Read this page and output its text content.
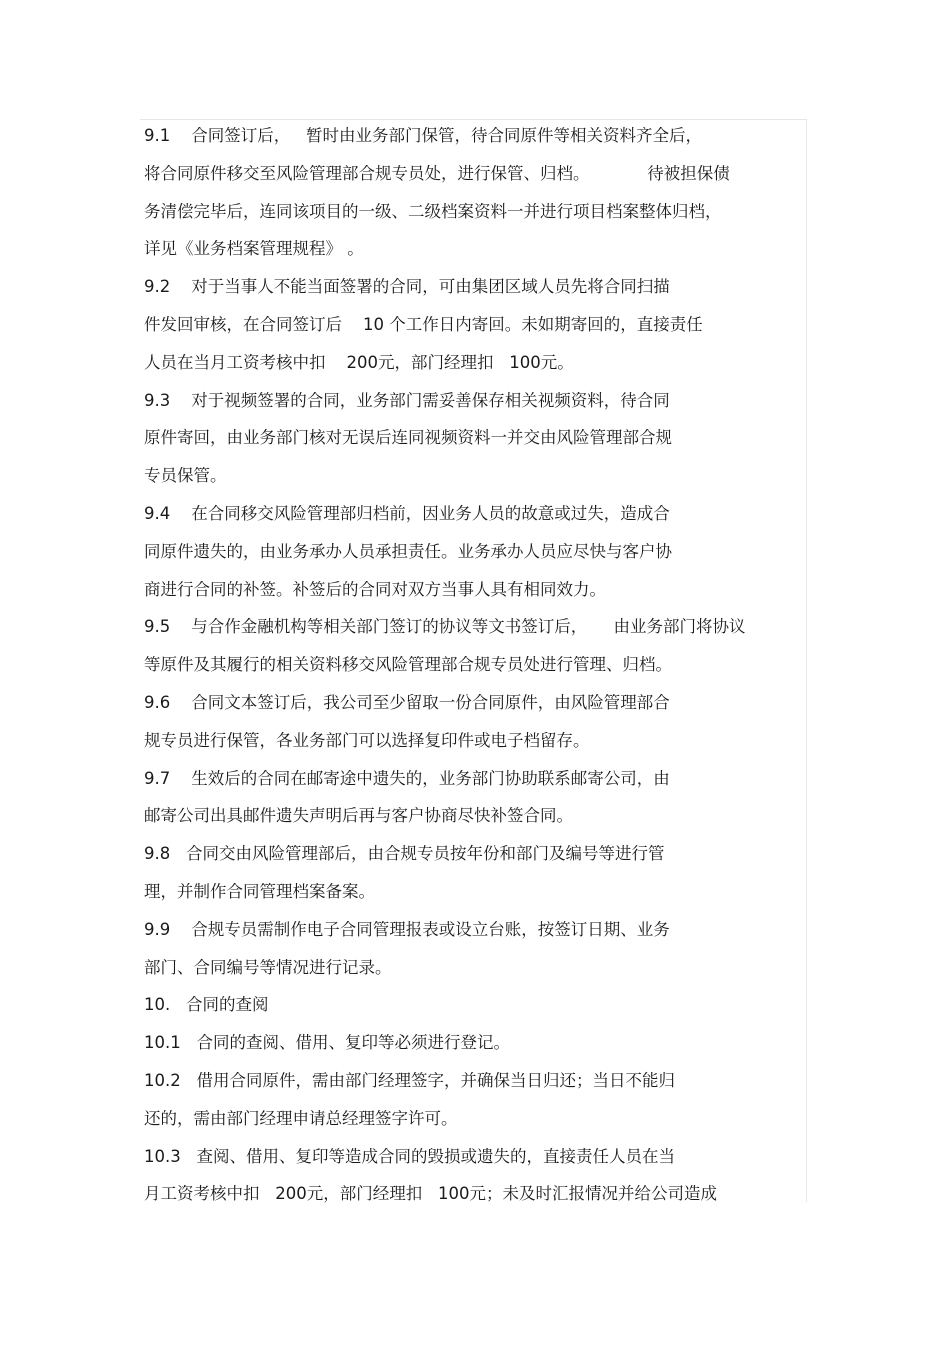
9.1    合同签订后，   暂时由业务部门保管，待合同原件等相关资料齐全后，
将合同原件移交至风险管理部合规专员处，进行保管、归档。           待被担保债
务清偿完毕后，连同该项目的一级、二级档案资料一并进行项目档案整体归档，
详见《业务档案管理规程》 。
9.2    对于当事人不能当面签署的合同，可由集团区域人员先将合同扫描
件发回审核，在合同签订后    10 个工作日内寄回。未如期寄回的，直接责任
人员在当月工资考核中扣    200元，部门经理扣   100元。
9.3    对于视频签署的合同，业务部门需妥善保存相关视频资料，待合同
原件寄回，由业务部门核对无误后连同视频资料一并交由风险管理部合规
专员保管。
9.4    在合同移交风险管理部归档前，因业务人员的故意或过失，造成合
同原件遗失的，由业务承办人员承担责任。业务承办人员应尽快与客户协
商进行合同的补签。补签后的合同对双方当事人具有相同效力。
9.5    与合作金融机构等相关部门签订的协议等文书签订后，     由业务部门将协议
等原件及其履行的相关资料移交风险管理部合规专员处进行管理、归档。
9.6    合同文本签订后，我公司至少留取一份合同原件，由风险管理部合
规专员进行保管，各业务部门可以选择复印件或电子档留存。
9.7    生效后的合同在邮寄途中遗失的，业务部门协助联系邮寄公司，由
邮寄公司出具邮件遗失声明后再与客户协商尽快补签合同。
9.8   合同交由风险管理部后，由合规专员按年份和部门及编号等进行管
理，并制作合同管理档案备案。
9.9    合规专员需制作电子合同管理报表或设立台账，按签订日期、业务
部门、合同编号等情况进行记录。
10.   合同的查阅
10.1   合同的查阅、借用、复印等必须进行登记。
10.2   借用合同原件，需由部门经理签字，并确保当日归还；当日不能归
还的，需由部门经理申请总经理签字许可。
10.3   查阅、借用、复印等造成合同的毁损或遗失的，直接责任人员在当
月工资考核中扣   200元，部门经理扣   100元；未及时汇报情况并给公司造成
